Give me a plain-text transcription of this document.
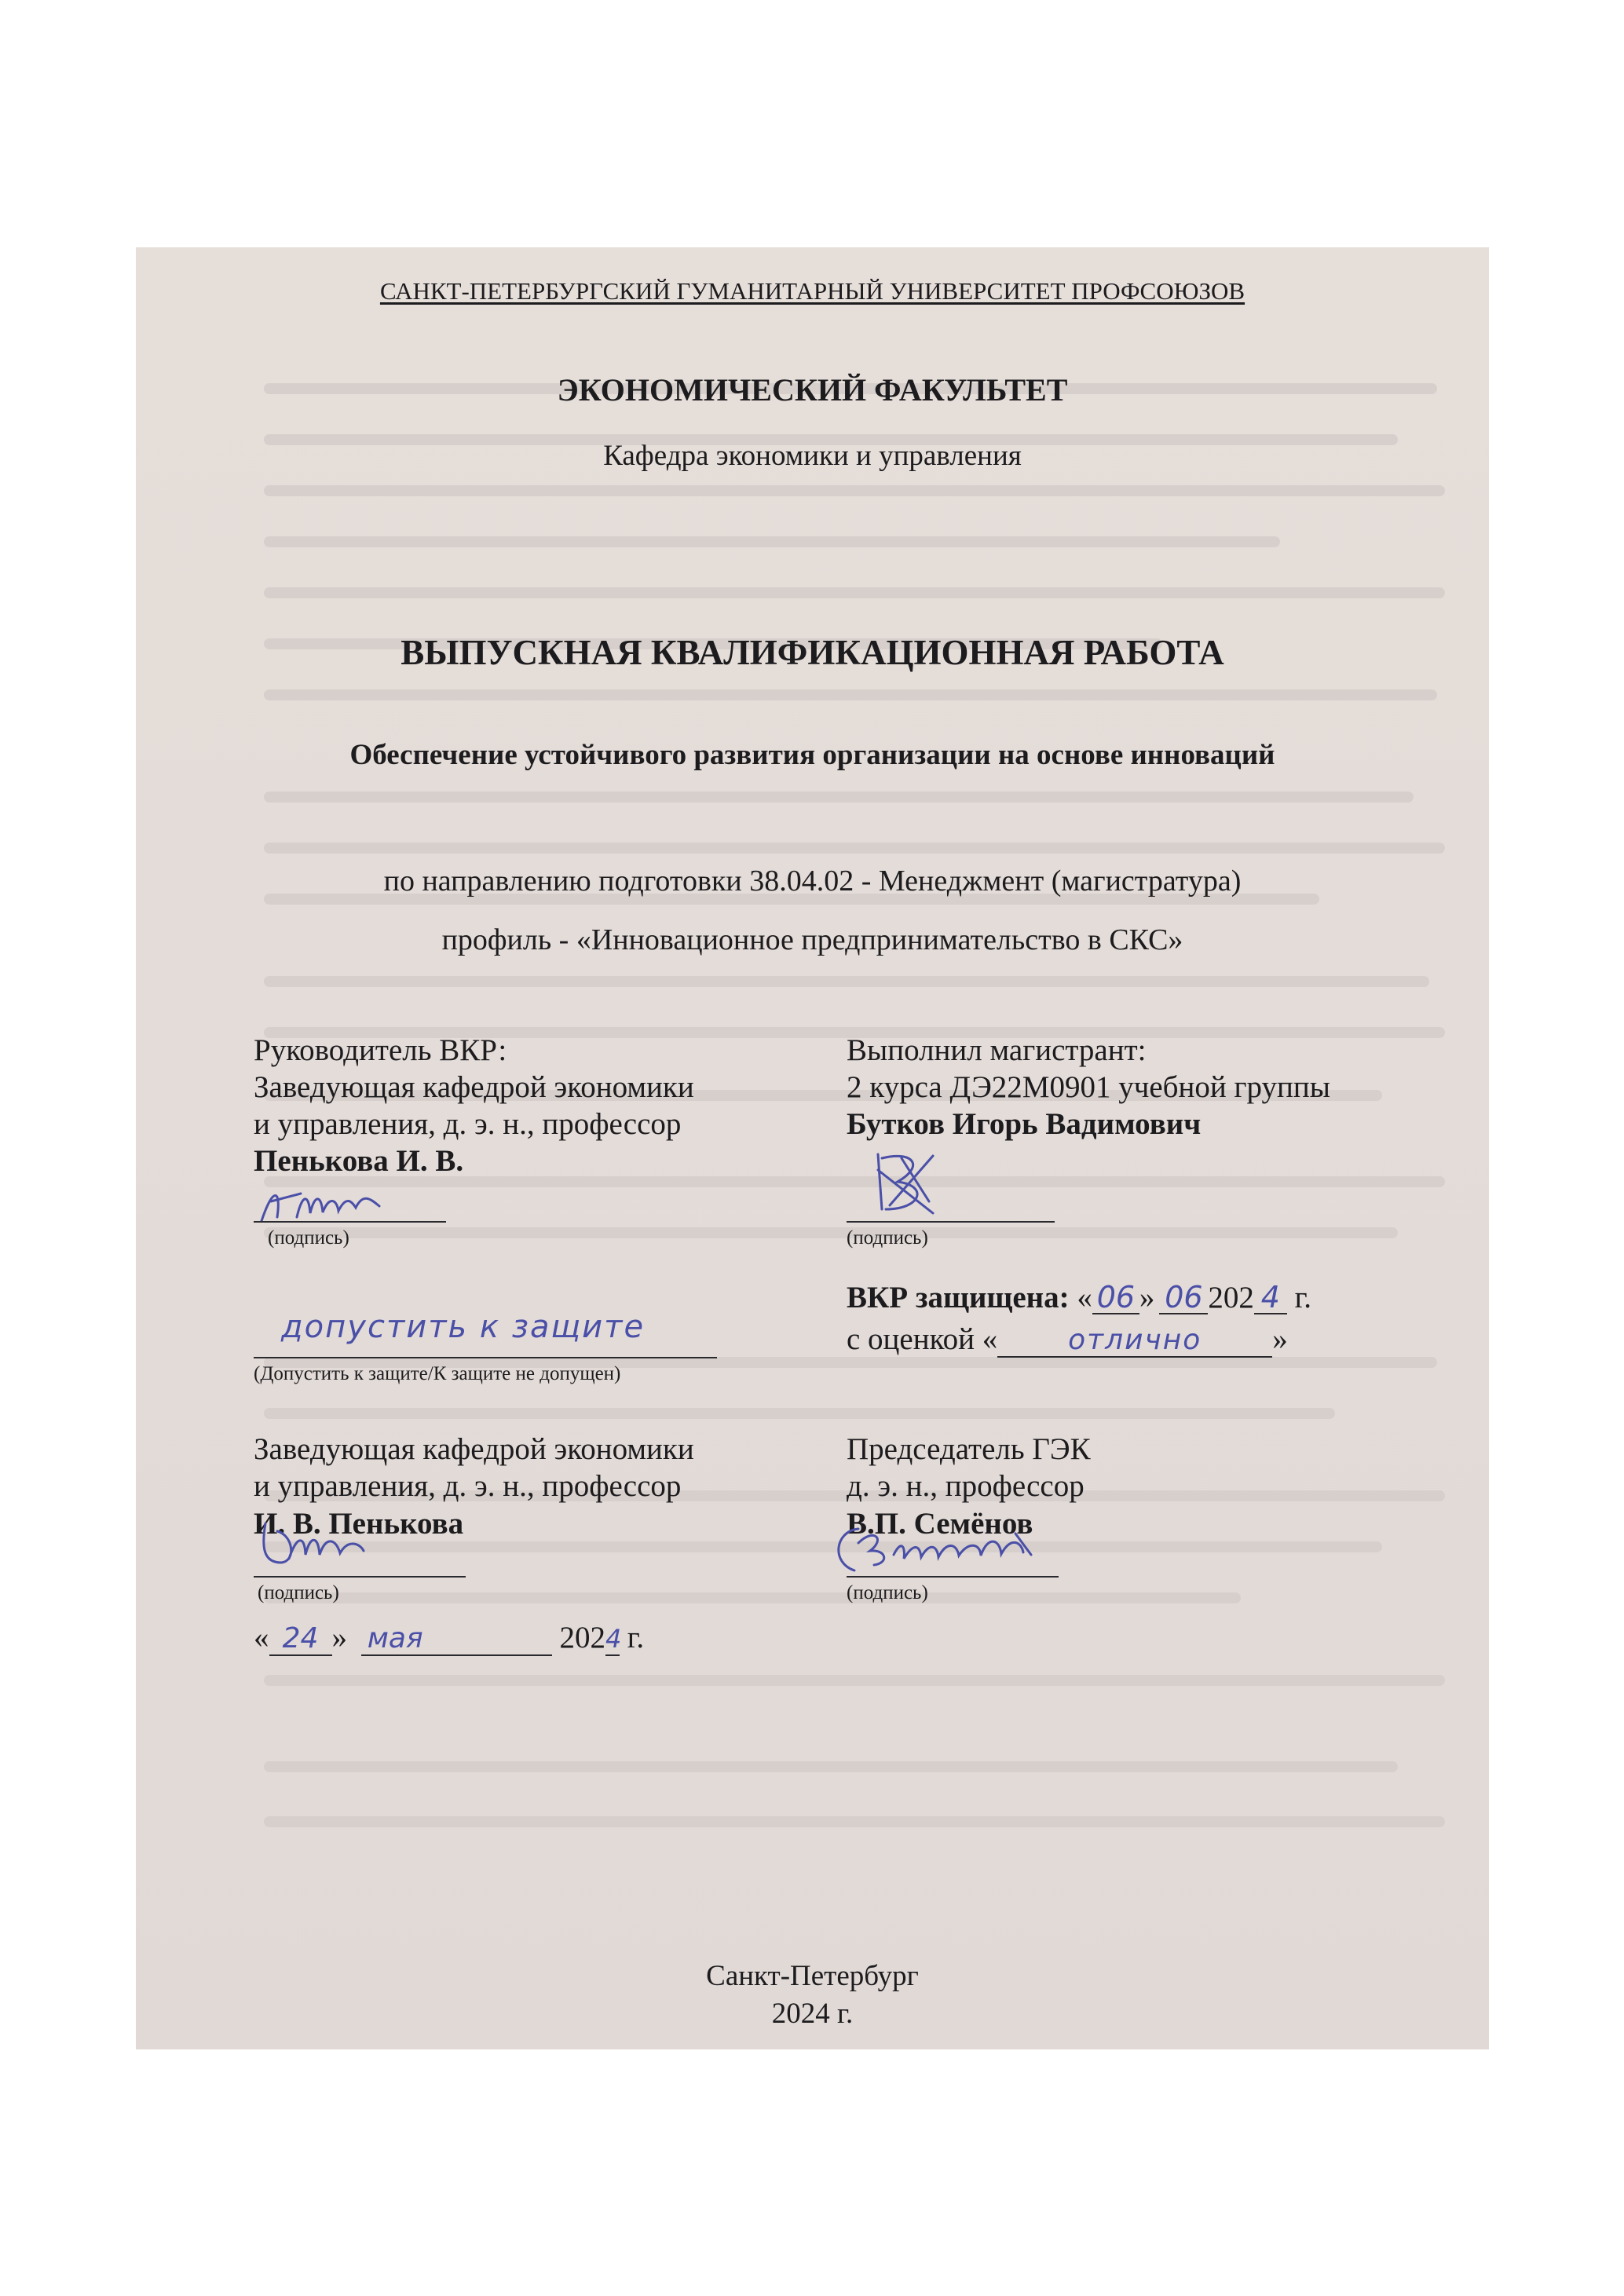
САНКТ-ПЕТЕРБУРГСКИЙ ГУМАНИТАРНЫЙ УНИВЕРСИТЕТ ПРОФСОЮЗОВ
ЭКОНОМИЧЕСКИЙ ФАКУЛЬТЕТ
Кафедра экономики и управления
ВЫПУСКНАЯ КВАЛИФИКАЦИОННАЯ РАБОТА
Обеспечение устойчивого развития организации на основе инноваций
по направлению подготовки 38.04.02 - Менеджмент (магистратура)
профиль - «Инновационное предпринимательство в СКС»
Руководитель ВКР:
Заведующая кафедрой экономики
и управления, д. э. н., профессор
Пенькова И. В.
(подпись)
Выполнил магистрант:
2 курса ДЭ22М0901 учебной группы
Бутков Игорь Вадимович
(подпись)
допустить к защите
(Допустить к защите/К защите не допущен)
ВКР защищена: « 06 » 06 202 4 г.
с оценкой « отлично »
Заведующая кафедрой экономики
и управления, д. э. н., профессор
И. В. Пенькова
(подпись)
« 24 » мая	2024 г.
Председатель ГЭК
д. э. н., профессор
В.П. Семёнов
(подпись)
Санкт-Петербург
2024 г.
